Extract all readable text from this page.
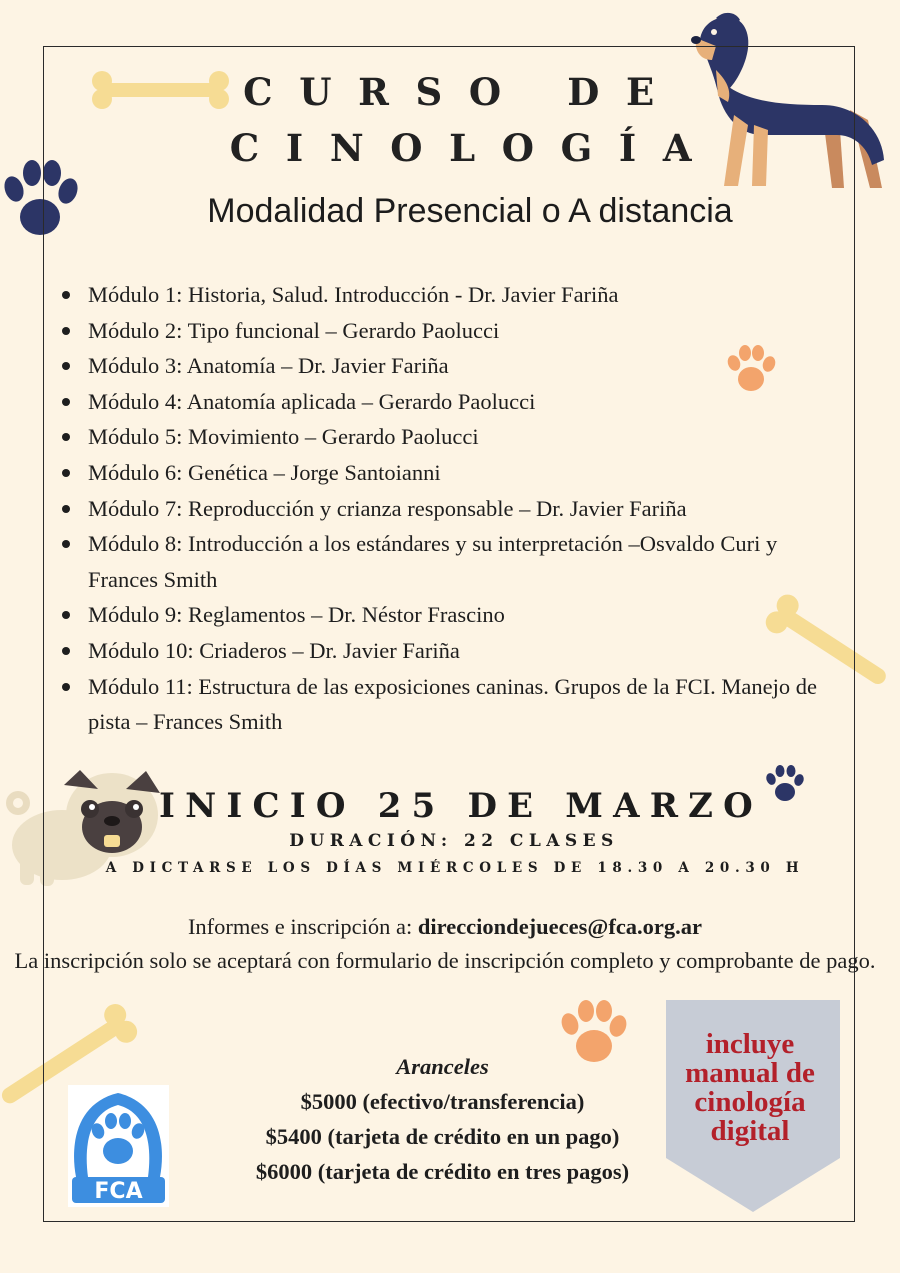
CURSO DE
CINOLOGÍA
Modalidad Presencial o A distancia
Módulo 1: Historia, Salud. Introducción - Dr. Javier Fariña
Módulo 2: Tipo funcional – Gerardo Paolucci
Módulo 3: Anatomía – Dr. Javier Fariña
Módulo 4: Anatomía aplicada – Gerardo Paolucci
Módulo 5: Movimiento – Gerardo Paolucci
Módulo 6: Genética – Jorge Santoianni
Módulo 7: Reproducción y crianza responsable – Dr. Javier Fariña
Módulo 8: Introducción a los estándares y su interpretación –Osvaldo Curi y Frances Smith
Módulo 9: Reglamentos – Dr. Néstor Frascino
Módulo 10: Criaderos – Dr. Javier Fariña
Módulo 11: Estructura de las exposiciones caninas. Grupos de la FCI. Manejo de pista – Frances Smith
INICIO 25 DE MARZO
DURACIÓN: 22 CLASES
A DICTARSE LOS DÍAS MIÉRCOLES DE 18.30 A 20.30 H
Informes e inscripción a: direcciondejueces@fca.org.ar
La inscripción solo se aceptará con formulario de inscripción completo y comprobante de pago.
Aranceles
$5000 (efectivo/transferencia)
$5400 (tarjeta de crédito en un pago)
$6000 (tarjeta de crédito en tres pagos)
incluye
manual de
cinología
digital
FCA
